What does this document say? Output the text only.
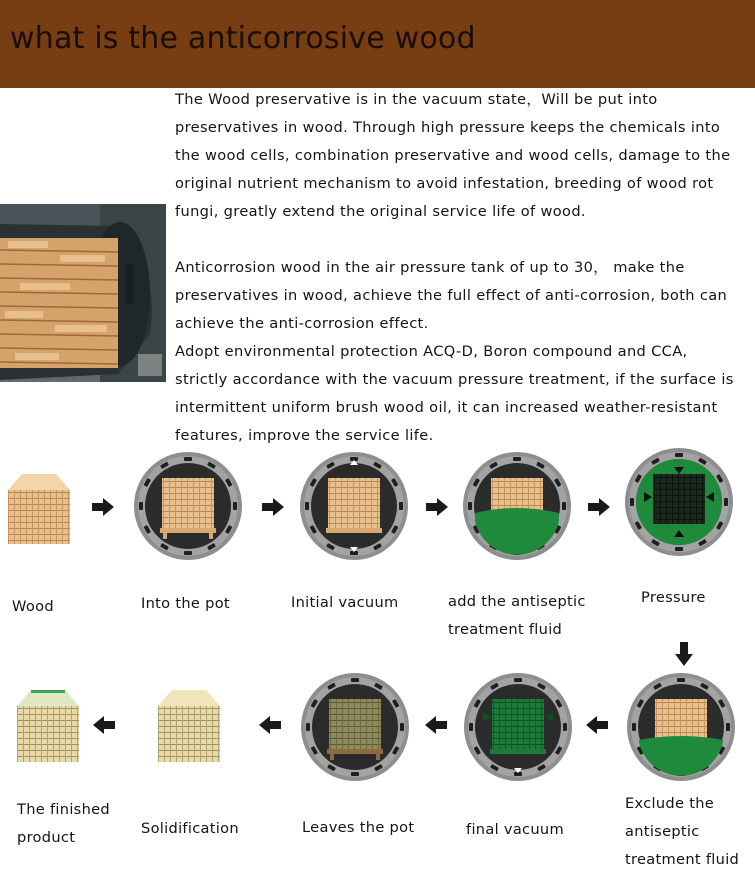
what is the anticorrosive wood

The Wood preservative is in the vacuum state，Will be put into preservatives in wood. Through high pressure keeps the chemicals into the wood cells, combination preservative and wood cells, damage to the original nutrient mechanism to avoid infestation, breeding of wood rot fungi, greatly extend the original service life of wood.

Anticorrosion wood in the air pressure tank of up to 30， make the preservatives in wood, achieve the full effect of anti-corrosion, both can achieve the anti-corrosion effect.

Adopt environmental protection ACQ-D, Boron compound and CCA, strictly accordance with the vacuum pressure treatment, if the surface is intermittent uniform brush wood oil, it can increased weather-resistant features, improve the service life.

Wood	Into the pot	Initial vacuum	add the antiseptic
treatment fluid

Pressure

Exclude the
antiseptic
treatment fluid

final vacuum

Leaves the pot

Solidification

The finished
product
